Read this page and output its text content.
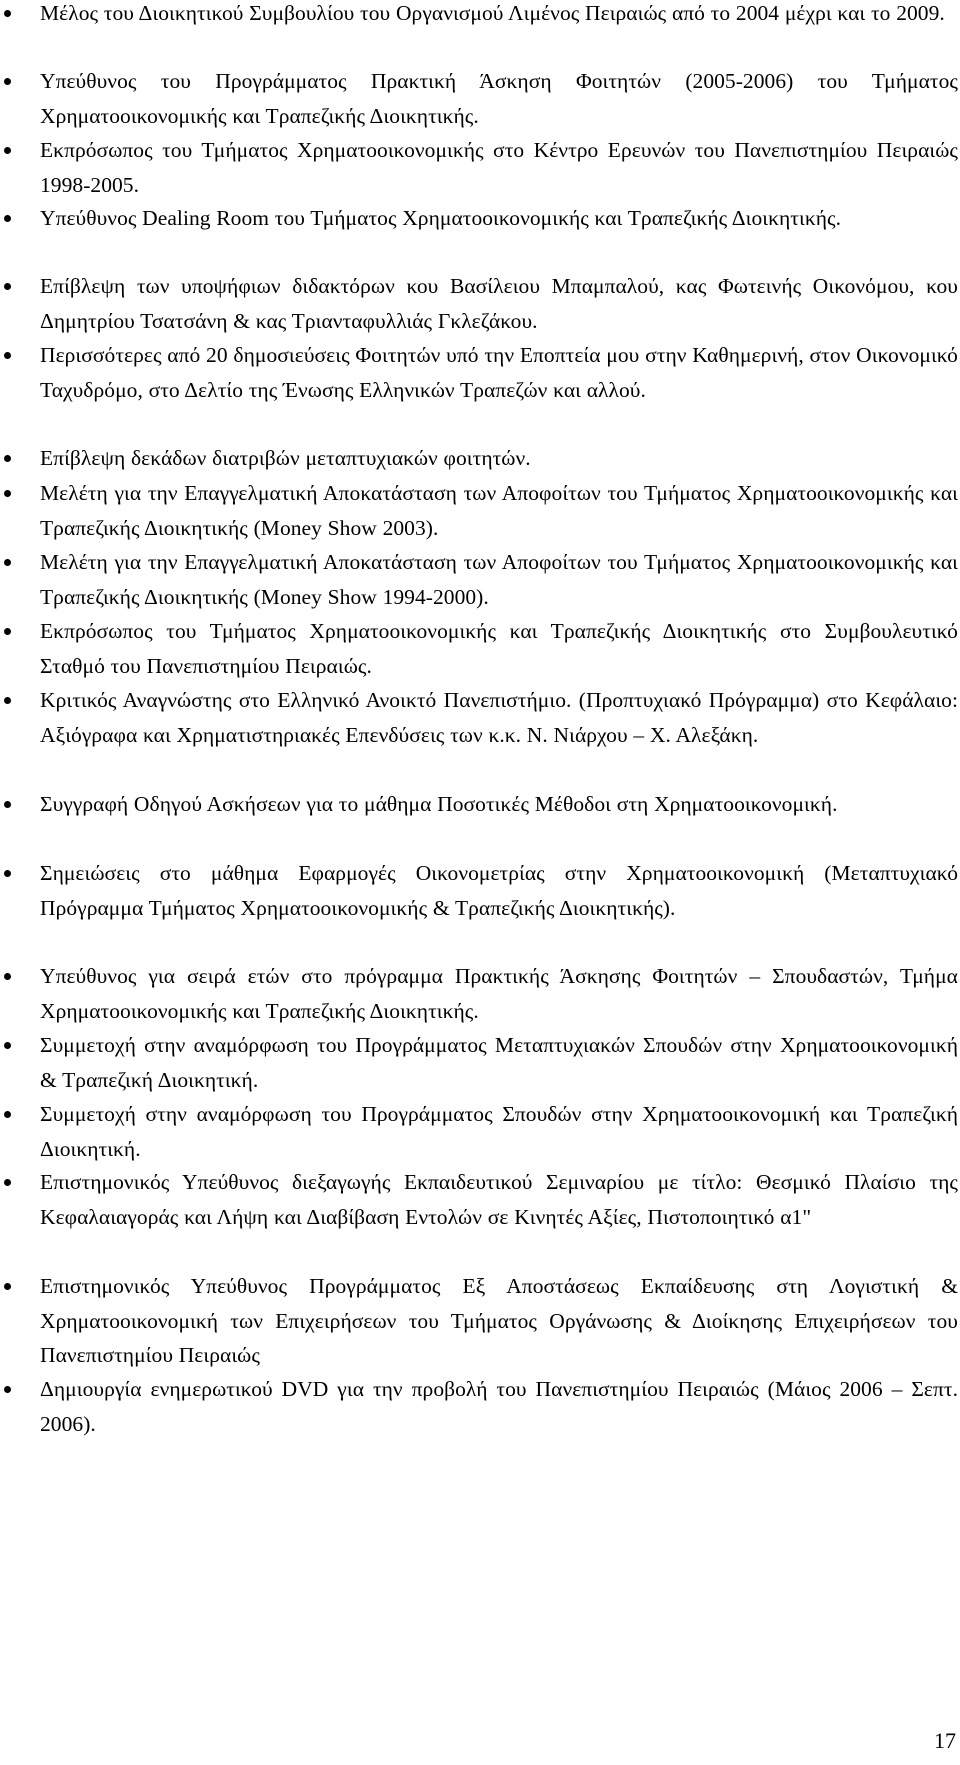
Μέλος του Διοικητικού Συμβουλίου του Οργανισμού Λιμένος Πειραιώς από το 2004 μέχρι και το 2009.

Υπεύθυνος του Προγράμματος Πρακτική Άσκηση Φοιτητών (2005-2006) του Τμήματος Χρηματοοικονομικής και Τραπεζικής Διοικητικής.

Εκπρόσωπος του Τμήματος Χρηματοοικονομικής στο Κέντρο Ερευνών του Πανεπιστημίου Πειραιώς 1998-2005.

Υπεύθυνος Dealing Room του Τμήματος Χρηματοοικονομικής και Τραπεζικής Διοικητικής.

Επίβλεψη των υποψήφιων διδακτόρων κου Βασίλειου Μπαμπαλού, κας Φωτεινής Οικονόμου, κου Δημητρίου Τσατσάνη & κας Τριανταφυλλιάς Γκλεζάκου.

Περισσότερες από 20 δημοσιεύσεις Φοιτητών υπό την Εποπτεία μου στην Καθημερινή, στον Οικονομικό Ταχυδρόμο, στο Δελτίο της Ένωσης Ελληνικών Τραπεζών και αλλού.

Επίβλεψη δεκάδων διατριβών μεταπτυχιακών φοιτητών.

Μελέτη για την Επαγγελματική Αποκατάσταση των Αποφοίτων του Τμήματος Χρηματοοικονομικής και Τραπεζικής Διοικητικής (Money Show 2003).

Μελέτη για την Επαγγελματική Αποκατάσταση των Αποφοίτων του Τμήματος Χρηματοοικονομικής και Τραπεζικής Διοικητικής (Money Show 1994-2000).

Εκπρόσωπος του Τμήματος Χρηματοοικονομικής και Τραπεζικής Διοικητικής στο Συμβουλευτικό Σταθμό του Πανεπιστημίου Πειραιώς.

Κριτικός Αναγνώστης στο Ελληνικό Ανοικτό Πανεπιστήμιο. (Προπτυχιακό Πρόγραμμα) στο Κεφάλαιο: Αξιόγραφα και Χρηματιστηριακές Επενδύσεις των κ.κ. Ν. Νιάρχου – Χ. Αλεξάκη.

Συγγραφή Οδηγού Ασκήσεων για το μάθημα Ποσοτικές Μέθοδοι στη Χρηματοοικονομική.

Σημειώσεις στο μάθημα Εφαρμογές Οικονομετρίας στην Χρηματοοικονομική (Μεταπτυχιακό Πρόγραμμα Τμήματος Χρηματοοικονομικής & Τραπεζικής Διοικητικής).

Υπεύθυνος για σειρά ετών στο πρόγραμμα Πρακτικής Άσκησης Φοιτητών – Σπουδαστών, Τμήμα Χρηματοοικονομικής και Τραπεζικής Διοικητικής.

Συμμετοχή στην αναμόρφωση του Προγράμματος Μεταπτυχιακών Σπουδών στην Χρηματοοικονομική & Τραπεζική Διοικητική.

Συμμετοχή στην αναμόρφωση του Προγράμματος Σπουδών στην Χρηματοοικονομική και Τραπεζική Διοικητική.

Επιστημονικός Υπεύθυνος διεξαγωγής Εκπαιδευτικού Σεμιναρίου με τίτλο: Θεσμικό Πλαίσιο της Κεφαλαιαγοράς και Λήψη και Διαβίβαση Εντολών σε Κινητές Αξίες, Πιστοποιητικό α1"

Επιστημονικός Υπεύθυνος Προγράμματος Εξ Αποστάσεως Εκπαίδευσης στη Λογιστική & Χρηματοοικονομική των Επιχειρήσεων του Τμήματος Οργάνωσης & Διοίκησης Επιχειρήσεων του Πανεπιστημίου Πειραιώς

Δημιουργία ενημερωτικού DVD για την προβολή του Πανεπιστημίου Πειραιώς (Μάιος 2006 – Σεπτ. 2006).

17
